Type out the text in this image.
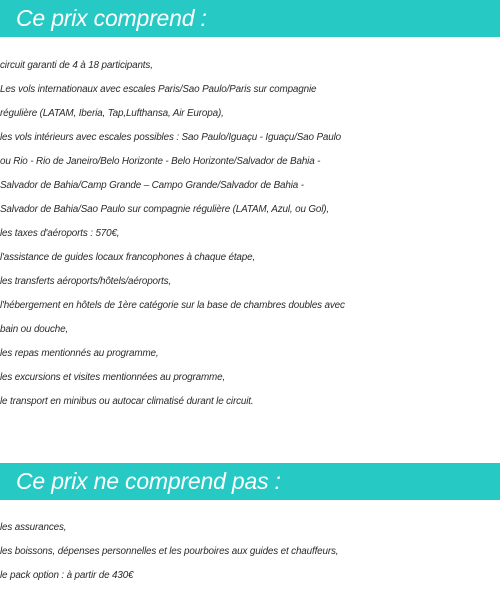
Ce prix comprend :
circuit garanti de 4 à 18 participants,
Les vols internationaux avec escales Paris/Sao Paulo/Paris sur compagnie
régulière (LATAM, Iberia, Tap,Lufthansa, Air Europa),
les vols intérieurs avec escales possibles : Sao Paulo/Iguaçu - Iguaçu/Sao Paulo
ou Rio - Rio de Janeiro/Belo Horizonte - Belo Horizonte/Salvador de Bahia -
Salvador de Bahia/Camp Grande – Campo Grande/Salvador de Bahia -
Salvador de Bahia/Sao Paulo sur compagnie régulière (LATAM, Azul, ou Gol),
les taxes d'aéroports : 570€,
l'assistance de guides locaux francophones à chaque étape,
les transferts aéroports/hôtels/aéroports,
l'hébergement en hôtels de 1ère catégorie sur la base de chambres doubles avec
bain ou douche,
les repas mentionnés au programme,
les excursions et visites mentionnées au programme,
le transport en minibus ou autocar climatisé durant le circuit.
Ce prix ne comprend pas :
les assurances,
les boissons, dépenses personnelles et les pourboires aux guides et chauffeurs,
le pack option : à partir de 430€
